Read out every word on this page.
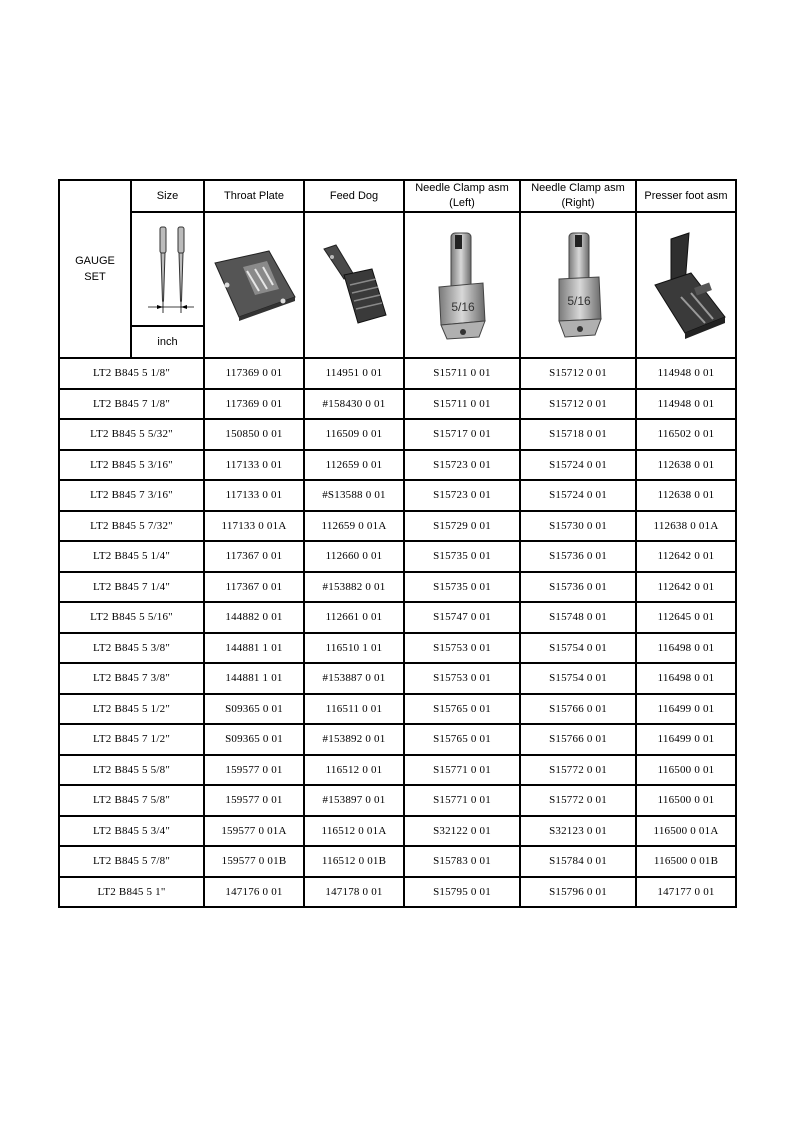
GAUGE
SET	Size	Throat Plate	Feed Dog	Needle Clamp asm
(Left)	Needle Clamp asm
(Right)	Presser foot asm

5/16	5/16

	inch					
LT2 B845 5 1/8"		117369 0 01	114951 0 01	S15711 0 01	S15712 0 01	114948 0 01
LT2 B845 7 1/8"		117369 0 01	#158430 0 01	S15711 0 01	S15712 0 01	114948 0 01
LT2 B845 5 5/32"		150850 0 01	116509 0 01	S15717 0 01	S15718 0 01	116502 0 01
LT2 B845 5 3/16"		117133 0 01	112659 0 01	S15723 0 01	S15724 0 01	112638 0 01
LT2 B845 7 3/16"		117133 0 01	#S13588 0 01	S15723 0 01	S15724 0 01	112638 0 01
LT2 B845 5 7/32"		117133 0 01A	112659 0 01A	S15729 0 01	S15730 0 01	112638 0 01A
LT2 B845 5 1/4"		117367 0 01	112660 0 01	S15735 0 01	S15736 0 01	112642 0 01
LT2 B845 7 1/4"		117367 0 01	#153882 0 01	S15735 0 01	S15736 0 01	112642 0 01
LT2 B845 5 5/16"		144882 0 01	112661 0 01	S15747 0 01	S15748 0 01	112645 0 01
LT2 B845 5 3/8"		144881 1 01	116510 1 01	S15753 0 01	S15754 0 01	116498 0 01
LT2 B845 7 3/8"		144881 1 01	#153887 0 01	S15753 0 01	S15754 0 01	116498 0 01
LT2 B845 5 1/2"		S09365 0 01	116511 0 01	S15765 0 01	S15766 0 01	116499 0 01
LT2 B845 7 1/2"		S09365 0 01	#153892 0 01	S15765 0 01	S15766 0 01	116499 0 01
LT2 B845 5 5/8"		159577 0 01	116512 0 01	S15771 0 01	S15772 0 01	116500 0 01
LT2 B845 7 5/8"		159577 0 01	#153897 0 01	S15771 0 01	S15772 0 01	116500 0 01
LT2 B845 5 3/4"		159577 0 01A	116512 0 01A	S32122 0 01	S32123 0 01	116500 0 01A
LT2 B845 5 7/8"		159577 0 01B	116512 0 01B	S15783 0 01	S15784 0 01	116500 0 01B
LT2 B845 5 1"		147176 0 01	147178 0 01	S15795 0 01	S15796 0 01	147177 0 01
